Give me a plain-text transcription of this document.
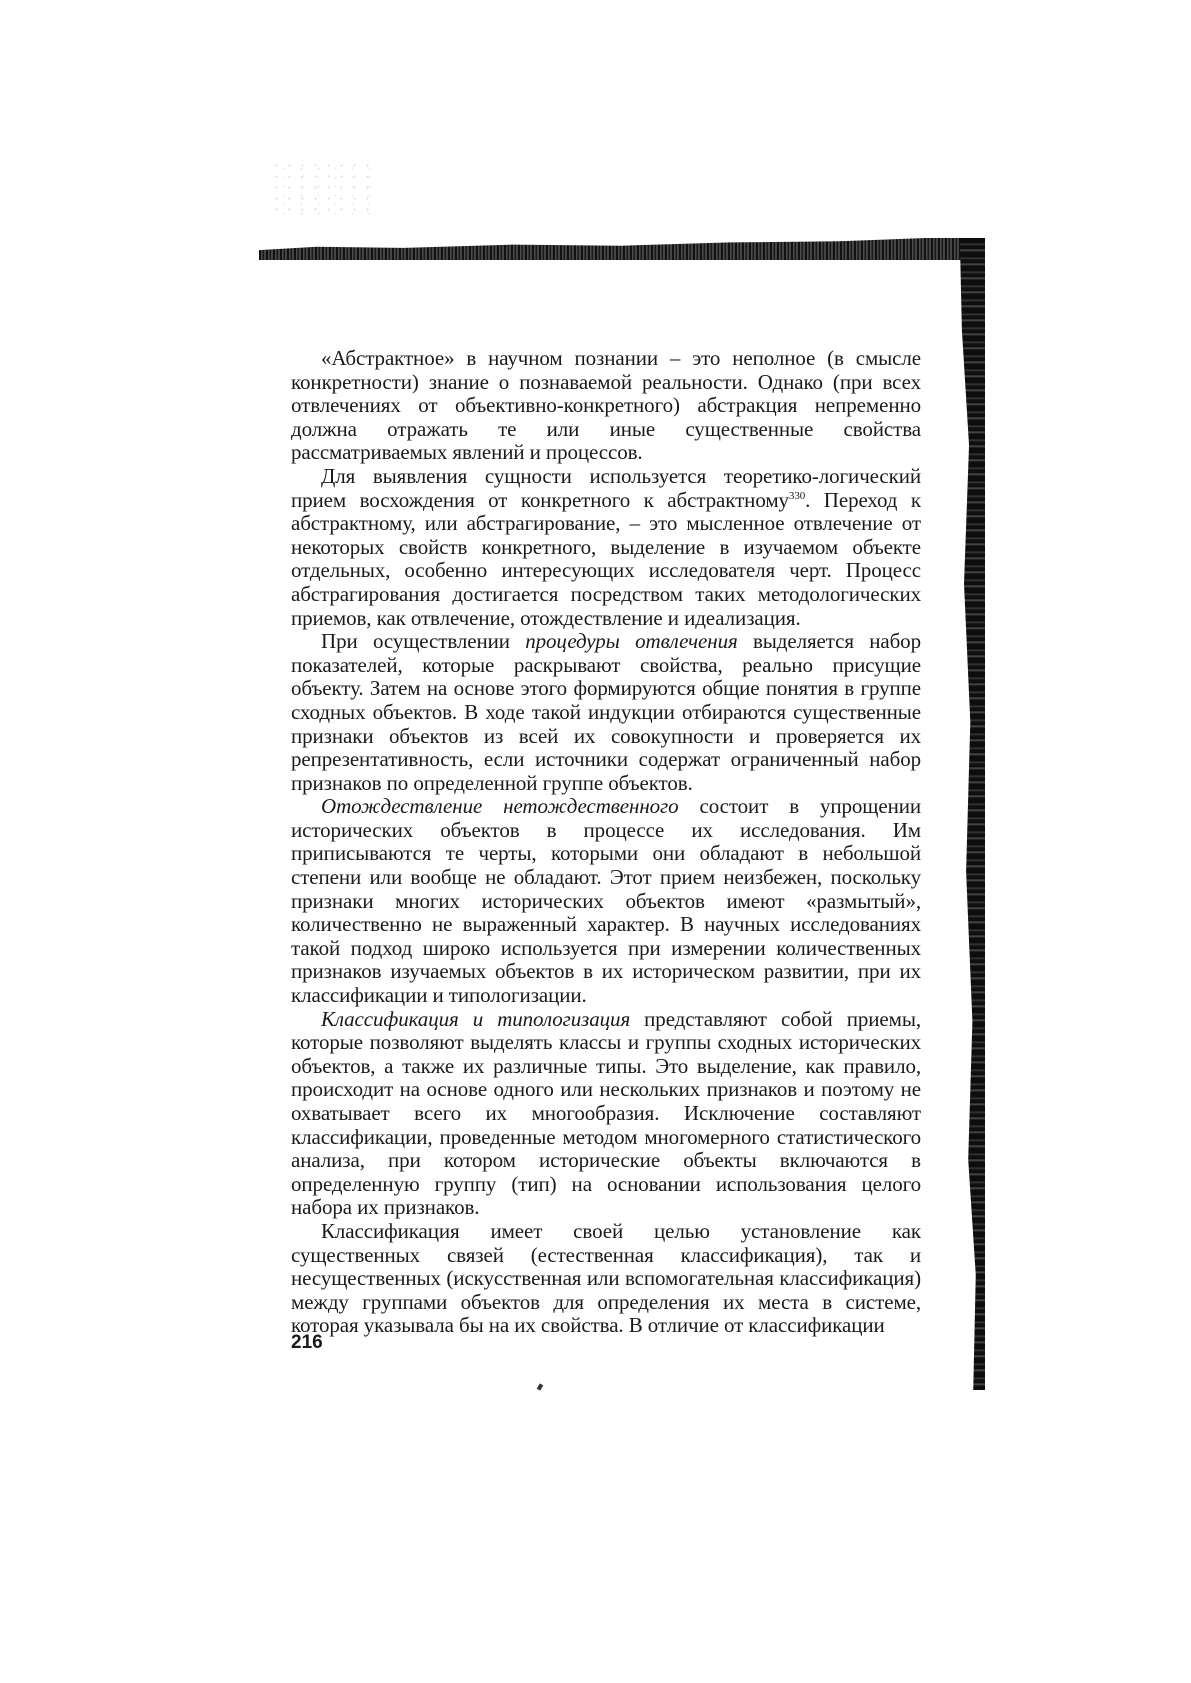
«Абстрактное» в научном познании – это неполное (в смысле конкретности) знание о познаваемой реальности. Однако (при всех отвлечениях от объективно-конкретного) абстракция непременно должна отражать те или иные существенные свойства рассматриваемых явлений и процессов.

Для выявления сущности используется теоретико-логический прием восхождения от конкретного к абстрактному$^{330}$. Переход к абстрактному, или абстрагирование, – это мысленное отвлечение от некоторых свойств конкретного, выделение в изучаемом объекте отдельных, особенно интересующих исследователя черт. Процесс абстрагирования достигается посредством таких методологических приемов, как отвлечение, отождествление и идеализация.

При осуществлении процедуры отвлечения выделяется набор показателей, которые раскрывают свойства, реально присущие объекту. Затем на основе этого формируются общие понятия в группе сходных объектов. В ходе такой индукции отбираются существенные признаки объектов из всей их совокупности и проверяется их репрезентативность, если источники содержат ограниченный набор признаков по определенной группе объектов.

Отождествление нетождественного состоит в упрощении исторических объектов в процессе их исследования. Им приписываются те черты, которыми они обладают в небольшой степени или вообще не обладают. Этот прием неизбежен, поскольку признаки многих исторических объектов имеют «размытый», количественно не выраженный характер. В научных исследованиях такой подход широко используется при измерении количественных признаков изучаемых объектов в их историческом развитии, при их классификации и типологизации.

Классификация и типологизация представляют собой приемы, которые позволяют выделять классы и группы сходных исторических объектов, а также их различные типы. Это выделение, как правило, происходит на основе одного или нескольких признаков и поэтому не охватывает всего их многообразия. Исключение составляют классификации, проведенные методом многомерного статистического анализа, при котором исторические объекты включаются в определенную группу (тип) на основании использования целого набора их признаков.

Классификация имеет своей целью установление как существенных связей (естественная классификация), так и несущественных (искусственная или вспомогательная классификация) между группами объектов для определения их места в системе, которая указывала бы на их свойства. В отличие от классификации

216
